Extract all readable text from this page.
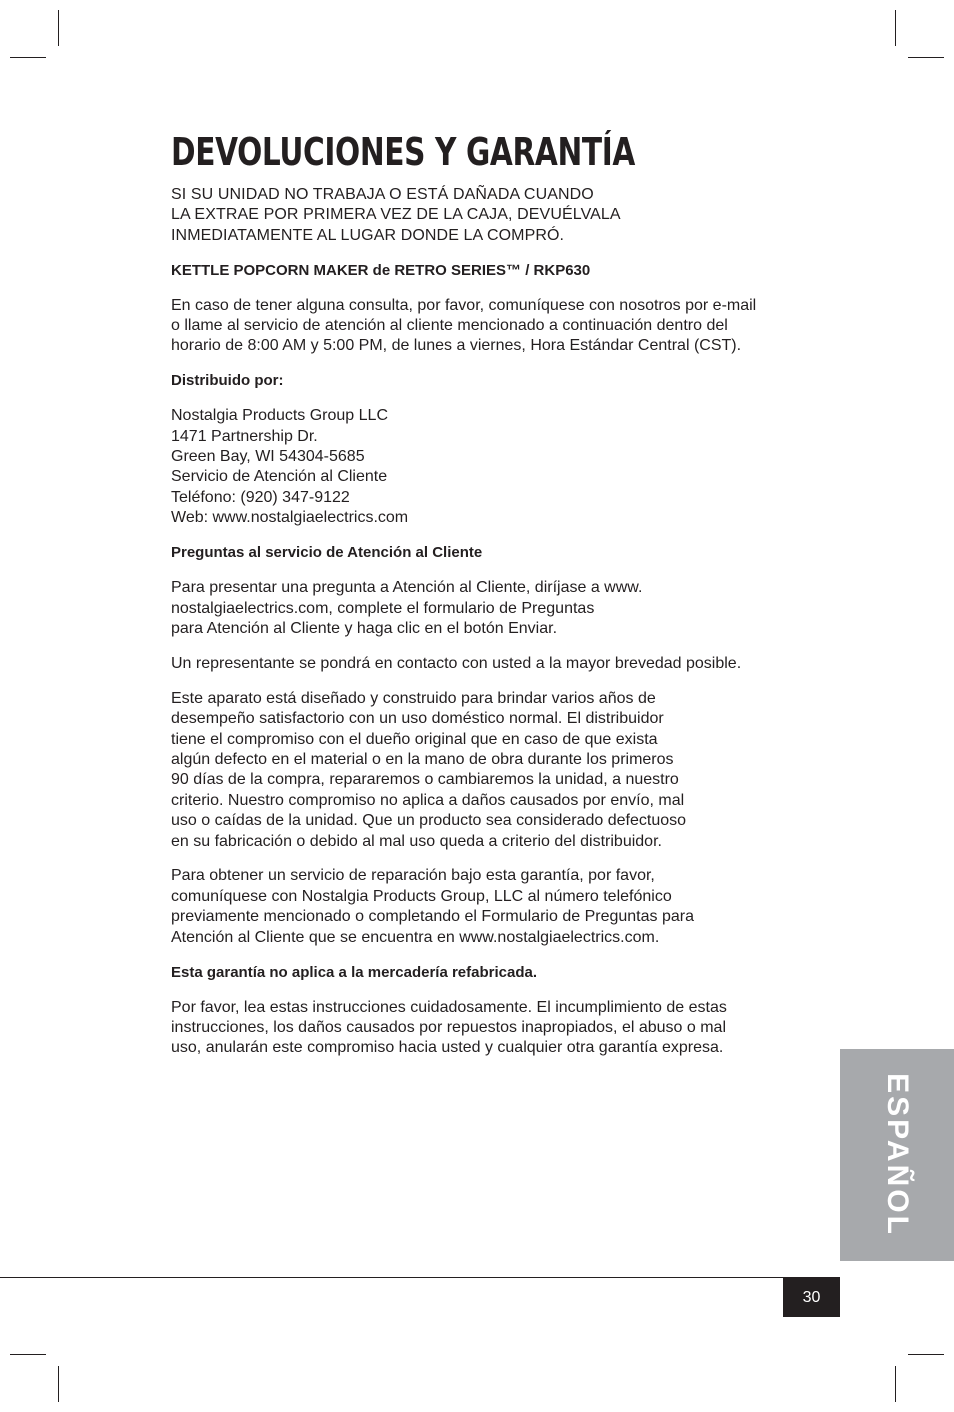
DEVOLUCIONES Y GARANTÍA

SI SU UNIDAD NO TRABAJA O ESTÁ DAÑADA CUANDO
LA EXTRAE POR PRIMERA VEZ DE LA CAJA, DEVUÉLVALA
INMEDIATAMENTE AL LUGAR DONDE LA COMPRÓ.

KETTLE POPCORN MAKER de RETRO SERIES™ / RKP630

En caso de tener alguna consulta, por favor, comuníquese con nosotros por e-mail
o llame al servicio de atención al cliente mencionado a continuación dentro del
horario de 8:00 AM y 5:00 PM, de lunes a viernes, Hora Estándar Central (CST).

Distribuido por:

Nostalgia Products Group LLC
1471 Partnership Dr.
Green Bay, WI 54304-5685
Servicio de Atención al Cliente
Teléfono: (920) 347-9122
Web: www.nostalgiaelectrics.com

Preguntas al servicio de Atención al Cliente

Para presentar una pregunta a Atención al Cliente, diríjase a www.
nostalgiaelectrics.com, complete el formulario de Preguntas
para Atención al Cliente y haga clic en el botón Enviar.

Un representante se pondrá en contacto con usted a la mayor brevedad posible.

Este aparato está diseñado y construido para brindar varios años de
desempeño satisfactorio con un uso doméstico normal. El distribuidor
tiene el compromiso con el dueño original que en caso de que exista
algún defecto en el material o en la mano de obra durante los primeros
90 días de la compra, repararemos o cambiaremos la unidad, a nuestro
criterio. Nuestro compromiso no aplica a daños causados por envío, mal
uso o caídas de la unidad. Que un producto sea considerado defectuoso
en su fabricación o debido al mal uso queda a criterio del distribuidor.

Para obtener un servicio de reparación bajo esta garantía, por favor,
comuníquese con Nostalgia Products Group, LLC al número telefónico
previamente mencionado o completando el Formulario de Preguntas para
Atención al Cliente que se encuentra en www.nostalgiaelectrics.com.

Esta garantía no aplica a la mercadería refabricada.

Por favor, lea estas instrucciones cuidadosamente. El incumplimiento de estas
instrucciones, los daños causados por repuestos inapropiados, el abuso o mal
uso, anularán este compromiso hacia usted y cualquier otra garantía expresa.

ESPAÑOL
30
